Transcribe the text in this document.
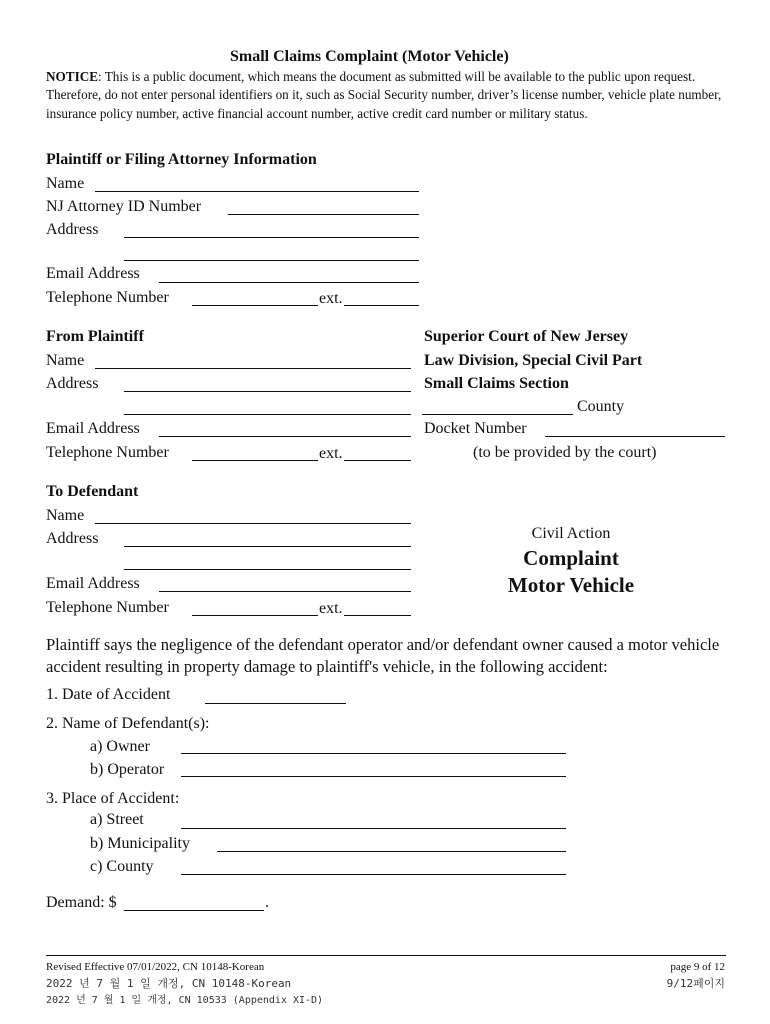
Small Claims Complaint (Motor Vehicle)
NOTICE: This is a public document, which means the document as submitted will be available to the public upon request. Therefore, do not enter personal identifiers on it, such as Social Security number, driver’s license number, vehicle plate number, insurance policy number, active financial account number, active credit card number or military status.
Plaintiff or Filing Attorney Information
Name
NJ Attorney ID Number
Address
Email Address
Telephone Number	ext.
From Plaintiff
Name
Address
Email Address
Telephone Number	ext.
Superior Court of New Jersey
Law Division, Special Civil Part
Small Claims Section
County
Docket Number
(to be provided by the court)
To Defendant
Name
Address
Email Address
Telephone Number	ext.
Civil Action
Complaint
Motor Vehicle
Plaintiff says the negligence of the defendant operator and/or defendant owner caused a motor vehicle accident resulting in property damage to plaintiff's vehicle, in the following accident:
1. Date of Accident
2. Name of Defendant(s):
a) Owner
b) Operator
3. Place of Accident:
a) Street
b) Municipality
c) County
Demand: $	.
Revised Effective 07/01/2022, CN 10148-Korean
2022 년 7 월 1 일 개정, CN 10148-Korean
2022 년 7 월 1 일 개정, CN 10533 (Appendix XI-D)
page 9 of 12
9/12페이지
